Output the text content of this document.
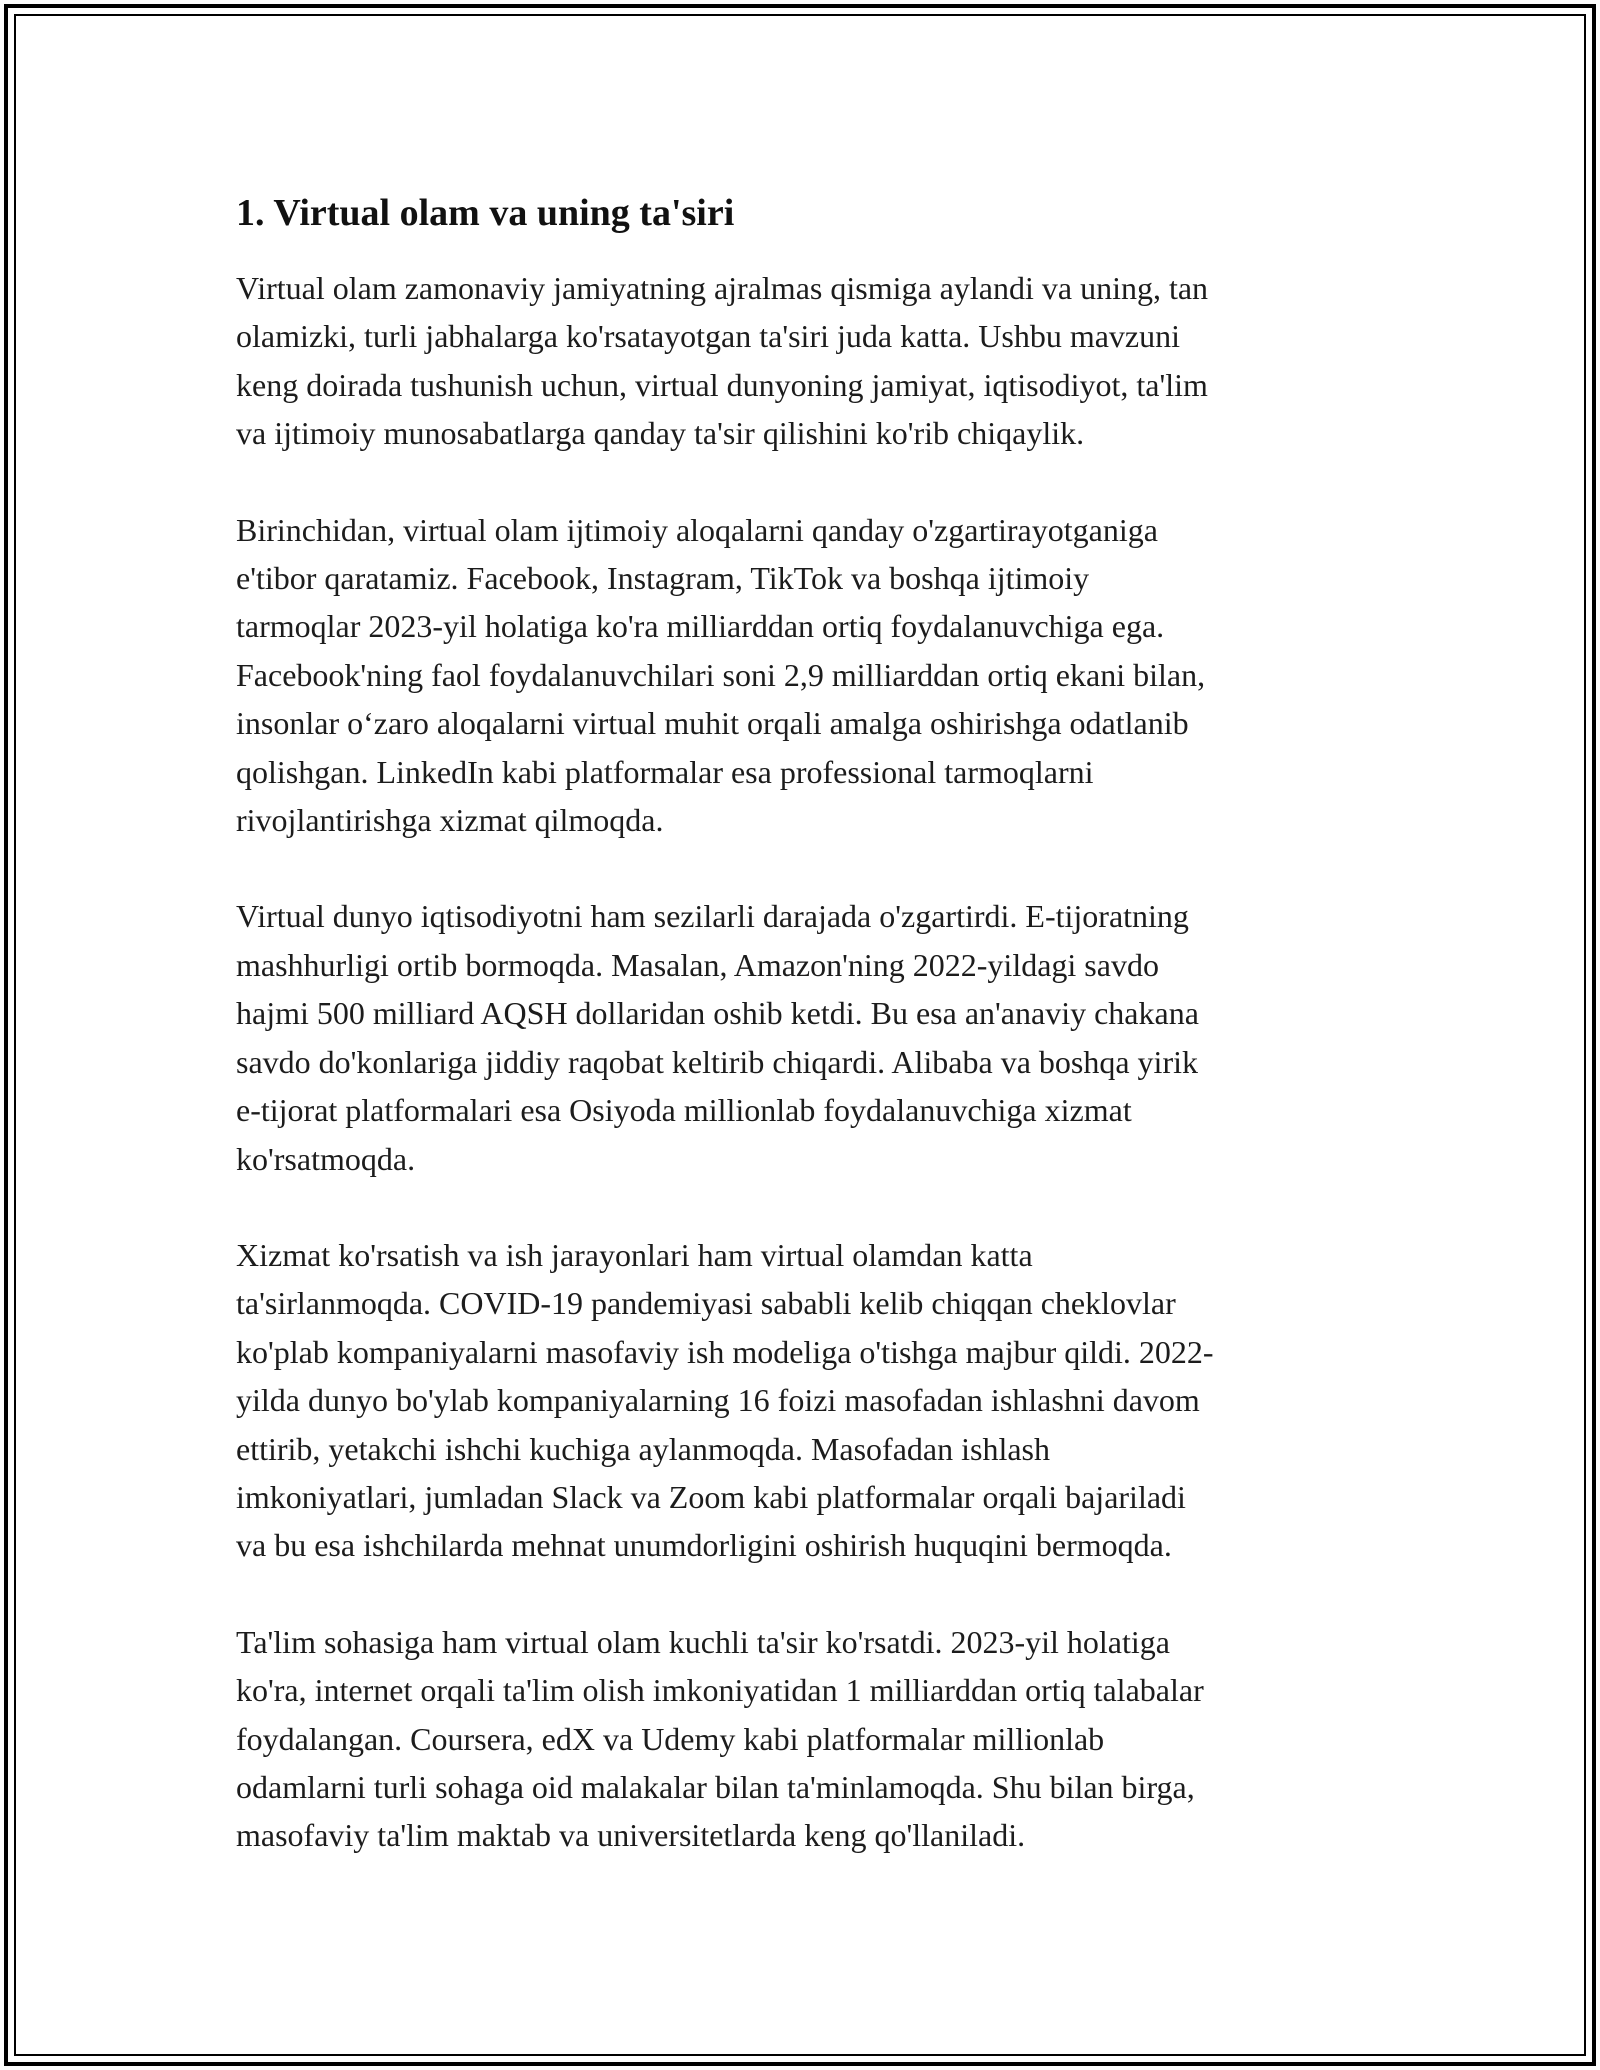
1. Virtual olam va uning ta'siri

Virtual olam zamonaviy jamiyatning ajralmas qismiga aylandi va uning, tan
olamizki, turli jabhalarga ko'rsatayotgan ta'siri juda katta. Ushbu mavzuni
keng doirada tushunish uchun, virtual dunyoning jamiyat, iqtisodiyot, ta'lim
va ijtimoiy munosabatlarga qanday ta'sir qilishini ko'rib chiqaylik.

Birinchidan, virtual olam ijtimoiy aloqalarni qanday o'zgartirayotganiga
e'tibor qaratamiz. Facebook, Instagram, TikTok va boshqa ijtimoiy
tarmoqlar 2023-yil holatiga ko'ra milliarddan ortiq foydalanuvchiga ega.
Facebook'ning faol foydalanuvchilari soni 2,9 milliarddan ortiq ekani bilan,
insonlar o‘zaro aloqalarni virtual muhit orqali amalga oshirishga odatlanib
qolishgan. LinkedIn kabi platformalar esa professional tarmoqlarni
rivojlantirishga xizmat qilmoqda.

Virtual dunyo iqtisodiyotni ham sezilarli darajada o'zgartirdi. E-tijoratning
mashhurligi ortib bormoqda. Masalan, Amazon'ning 2022-yildagi savdo
hajmi 500 milliard AQSH dollaridan oshib ketdi. Bu esa an'anaviy chakana
savdo do'konlariga jiddiy raqobat keltirib chiqardi. Alibaba va boshqa yirik
e-tijorat platformalari esa Osiyoda millionlab foydalanuvchiga xizmat
ko'rsatmoqda.

Xizmat ko'rsatish va ish jarayonlari ham virtual olamdan katta
ta'sirlanmoqda. COVID-19 pandemiyasi sababli kelib chiqqan cheklovlar
ko'plab kompaniyalarni masofaviy ish modeliga o'tishga majbur qildi. 2022-
yilda dunyo bo'ylab kompaniyalarning 16 foizi masofadan ishlashni davom
ettirib, yetakchi ishchi kuchiga aylanmoqda. Masofadan ishlash
imkoniyatlari, jumladan Slack va Zoom kabi platformalar orqali bajariladi
va bu esa ishchilarda mehnat unumdorligini oshirish huquqini bermoqda.

Ta'lim sohasiga ham virtual olam kuchli ta'sir ko'rsatdi. 2023-yil holatiga
ko'ra, internet orqali ta'lim olish imkoniyatidan 1 milliarddan ortiq talabalar
foydalangan. Coursera, edX va Udemy kabi platformalar millionlab
odamlarni turli sohaga oid malakalar bilan ta'minlamoqda. Shu bilan birga,
masofaviy ta'lim maktab va universitetlarda keng qo'llaniladi.
